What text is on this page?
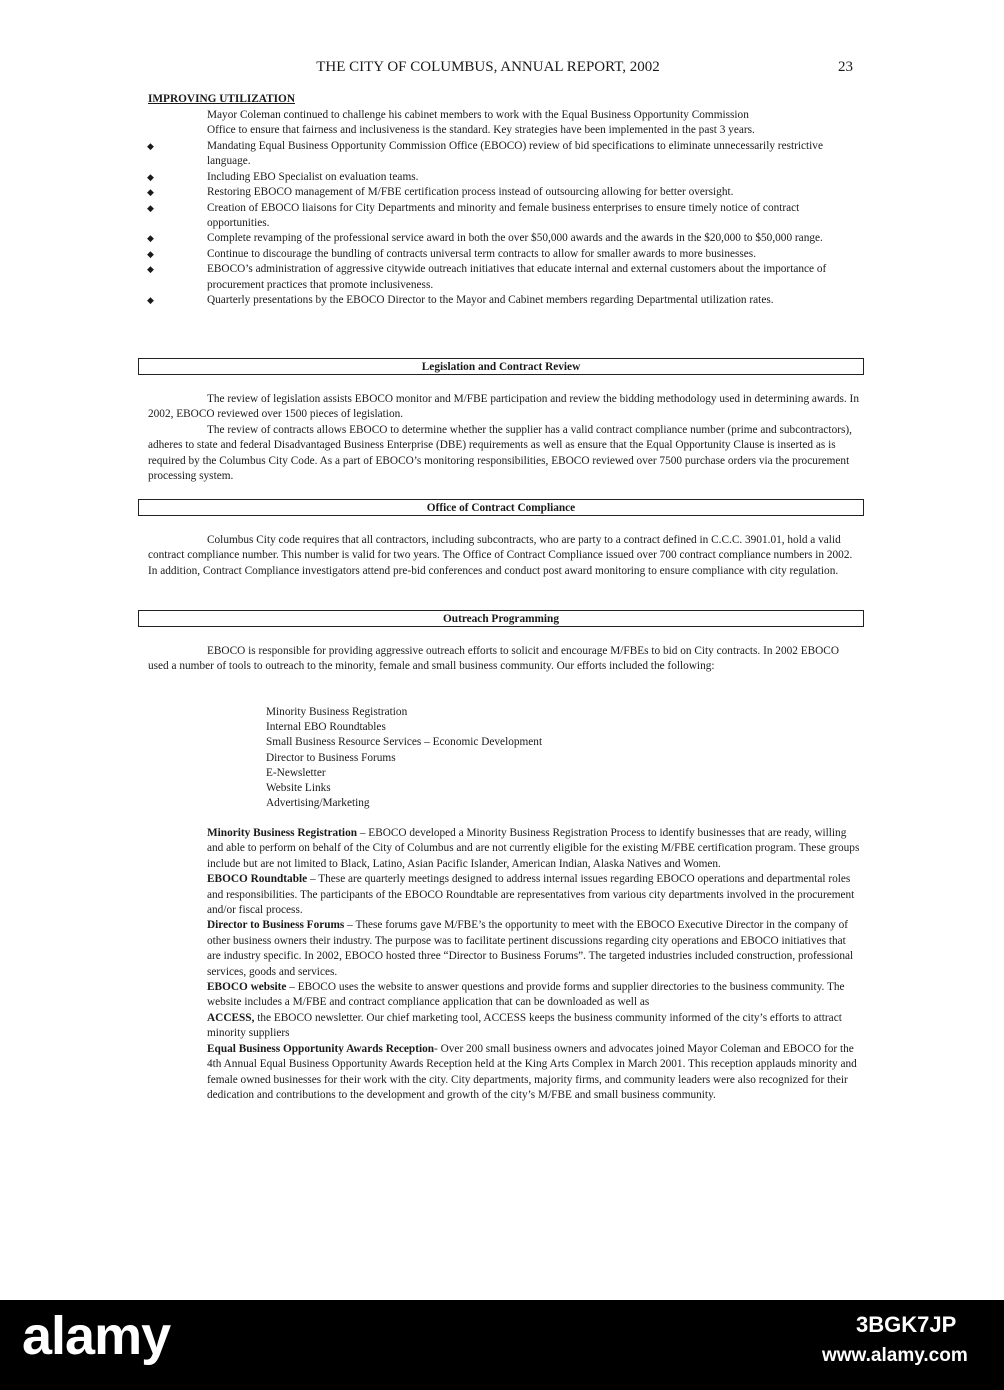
THE CITY OF COLUMBUS, ANNUAL REPORT, 2002	23
IMPROVING UTILIZATION
Mayor Coleman continued to challenge his cabinet members to work with the Equal Business Opportunity Commission
Office to ensure that fairness and inclusiveness is the standard. Key strategies have been implemented in the past 3 years.
◆	Mandating Equal Business Opportunity Commission Office (EBOCO) review of bid specifications to eliminate unnecessarily restrictive language.
◆	Including EBO Specialist on evaluation teams.
◆	Restoring EBOCO management of M/FBE certification process instead of outsourcing allowing for better oversight.
◆	Creation of EBOCO liaisons for City Departments and minority and female business enterprises to ensure timely notice of contract opportunities.
◆	Complete revamping of the professional service award in both the over $50,000 awards and the awards in the $20,000 to $50,000 range.
◆	Continue to discourage the bundling of contracts universal term contracts to allow for smaller awards to more businesses.
◆	EBOCO’s administration of aggressive citywide outreach initiatives that educate internal and external customers about the importance of procurement practices that promote inclusiveness.
◆	Quarterly presentations by the EBOCO Director to the Mayor and Cabinet members regarding Departmental utilization rates.
Legislation and Contract Review

The review of legislation assists EBOCO monitor and M/FBE participation and review the bidding methodology used in determining awards. In 2002, EBOCO reviewed over 1500 pieces of legislation.

The review of contracts allows EBOCO to determine whether the supplier has a valid contract compliance number (prime and subcontractors), adheres to state and federal Disadvantaged Business Enterprise (DBE) requirements as well as ensure that the Equal Opportunity Clause is inserted as is required by the Columbus City Code. As a part of EBOCO’s monitoring responsibilities, EBOCO reviewed over 7500 purchase orders via the procurement processing system.

Office of Contract Compliance

Columbus City code requires that all contractors, including subcontracts, who are party to a contract defined in C.C.C. 3901.01, hold a valid contract compliance number. This number is valid for two years. The Office of Contract Compliance issued over 700 contract compliance numbers in 2002. In addition, Contract Compliance investigators attend pre-bid conferences and conduct post award monitoring to ensure compliance with city regulation.

Outreach Programming

EBOCO is responsible for providing aggressive outreach efforts to solicit and encourage M/FBEs to bid on City contracts. In 2002 EBOCO used a number of tools to outreach to the minority, female and small business community. Our efforts included the following:

Minority Business Registration
Internal EBO Roundtables
Small Business Resource Services – Economic Development
Director to Business Forums
E-Newsletter
Website Links
Advertising/Marketing

Minority Business Registration – EBOCO developed a Minority Business Registration Process to identify businesses that are ready, willing and able to perform on behalf of the City of Columbus and are not currently eligible for the existing M/FBE certification program. These groups include but are not limited to Black, Latino, Asian Pacific Islander, American Indian, Alaska Natives and Women.

EBOCO Roundtable – These are quarterly meetings designed to address internal issues regarding EBOCO operations and departmental roles and responsibilities. The participants of the EBOCO Roundtable are representatives from various city departments involved in the procurement and/or fiscal process.

Director to Business Forums – These forums gave M/FBE’s the opportunity to meet with the EBOCO Executive Director in the company of other business owners their industry. The purpose was to facilitate pertinent discussions regarding city operations and EBOCO initiatives that are industry specific. In 2002, EBOCO hosted three “Director to Business Forums”. The targeted industries included construction, professional services, goods and services.

EBOCO website – EBOCO uses the website to answer questions and provide forms and supplier directories to the business community. The website includes a M/FBE and contract compliance application that can be downloaded as well as

ACCESS, the EBOCO newsletter. Our chief marketing tool, ACCESS keeps the business community informed of the city’s efforts to attract minority suppliers

Equal Business Opportunity Awards Reception- Over 200 small business owners and advocates joined Mayor Coleman and EBOCO for the 4th Annual Equal Business Opportunity Awards Reception held at the King Arts Complex in March 2001. This reception applauds minority and female owned businesses for their work with the city. City departments, majority firms, and community leaders were also recognized for their dedication and contributions to the development and growth of the city’s M/FBE and small business community.

alamy	3BGK7JP
www.alamy.com
